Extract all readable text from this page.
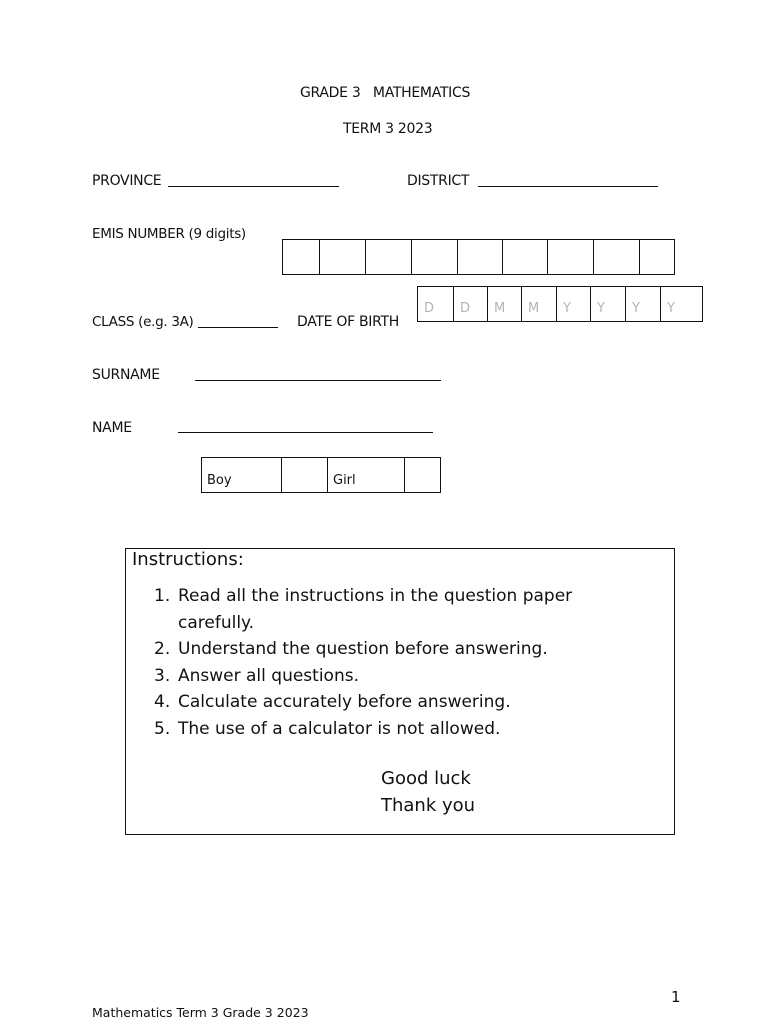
GRADE 3   MATHEMATICS
TERM 3 2023
PROVINCE	DISTRICT
EMIS NUMBER (9 digits)
D	D	M	M	Y	Y	Y	Y
CLASS (e.g. 3A)	DATE OF BIRTH
SURNAME
NAME
Boy	Girl
Instructions:
1. Read all the instructions in the question paper carefully.
2. Understand the question before answering.
3. Answer all questions.
4. Calculate accurately before answering.
5. The use of a calculator is not allowed.
Good luck
Thank you
1
Mathematics Term 3 Grade 3 2023
